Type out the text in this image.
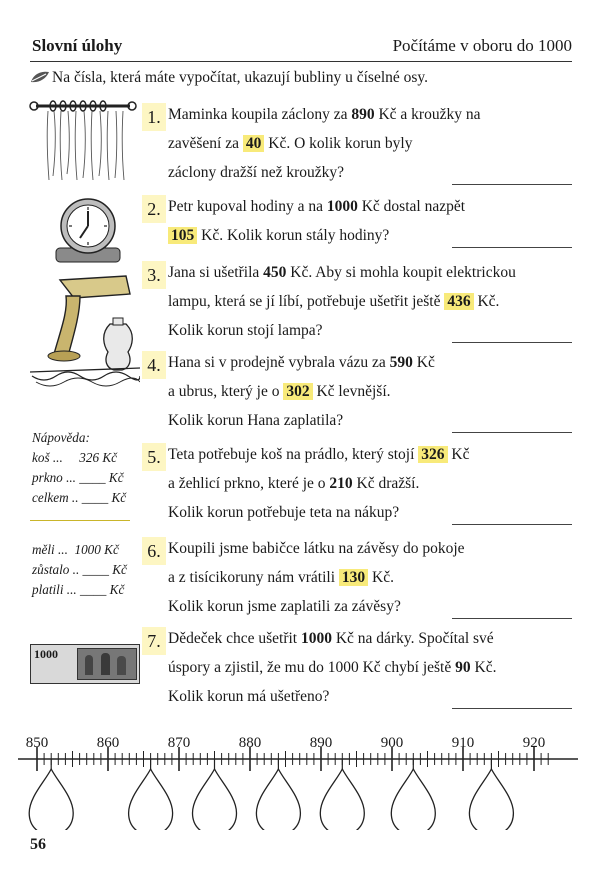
Slovní úlohy	Počítáme v oboru do 1000
Na čísla, která máte vypočítat, ukazují bubliny u číselné osy.
Nápověda:
koš ...     326 Kč
prkno ... ____ Kč
celkem .. ____ Kč
měli ...  1000 Kč
zůstalo .. ____ Kč
platili ... ____ Kč
1000
1. Maminka koupila záclony za 890 Kč a kroužky na
zavěšení za 40 Kč. O kolik korun byly
záclony dražší než kroužky?
2. Petr kupoval hodiny a na 1000 Kč dostal nazpět
105 Kč. Kolik korun stály hodiny?
3. Jana si ušetřila 450 Kč. Aby si mohla koupit elektrickou
lampu, která se jí líbí, potřebuje ušetřit ještě 436 Kč.
Kolik korun stojí lampa?
4. Hana si v prodejně vybrala vázu za 590 Kč
a ubrus, který je o 302 Kč levnější.
Kolik korun Hana zaplatila?
5. Teta potřebuje koš na prádlo, který stojí 326 Kč
a žehlicí prkno, které je o 210 Kč dražší.
Kolik korun potřebuje teta na nákup?
6. Koupili jsme babičce látku na závěsy do pokoje
a z tisícikoruny nám vrátili 130 Kč.
Kolik korun jsme zaplatili za závěsy?
7. Dědeček chce ušetřit 1000 Kč na dárky. Spočítal své
úspory a zjistil, že mu do 1000 Kč chybí ještě 90 Kč.
Kolik korun má ušetřeno?
850	860	870	880	890	900	910	920
56
